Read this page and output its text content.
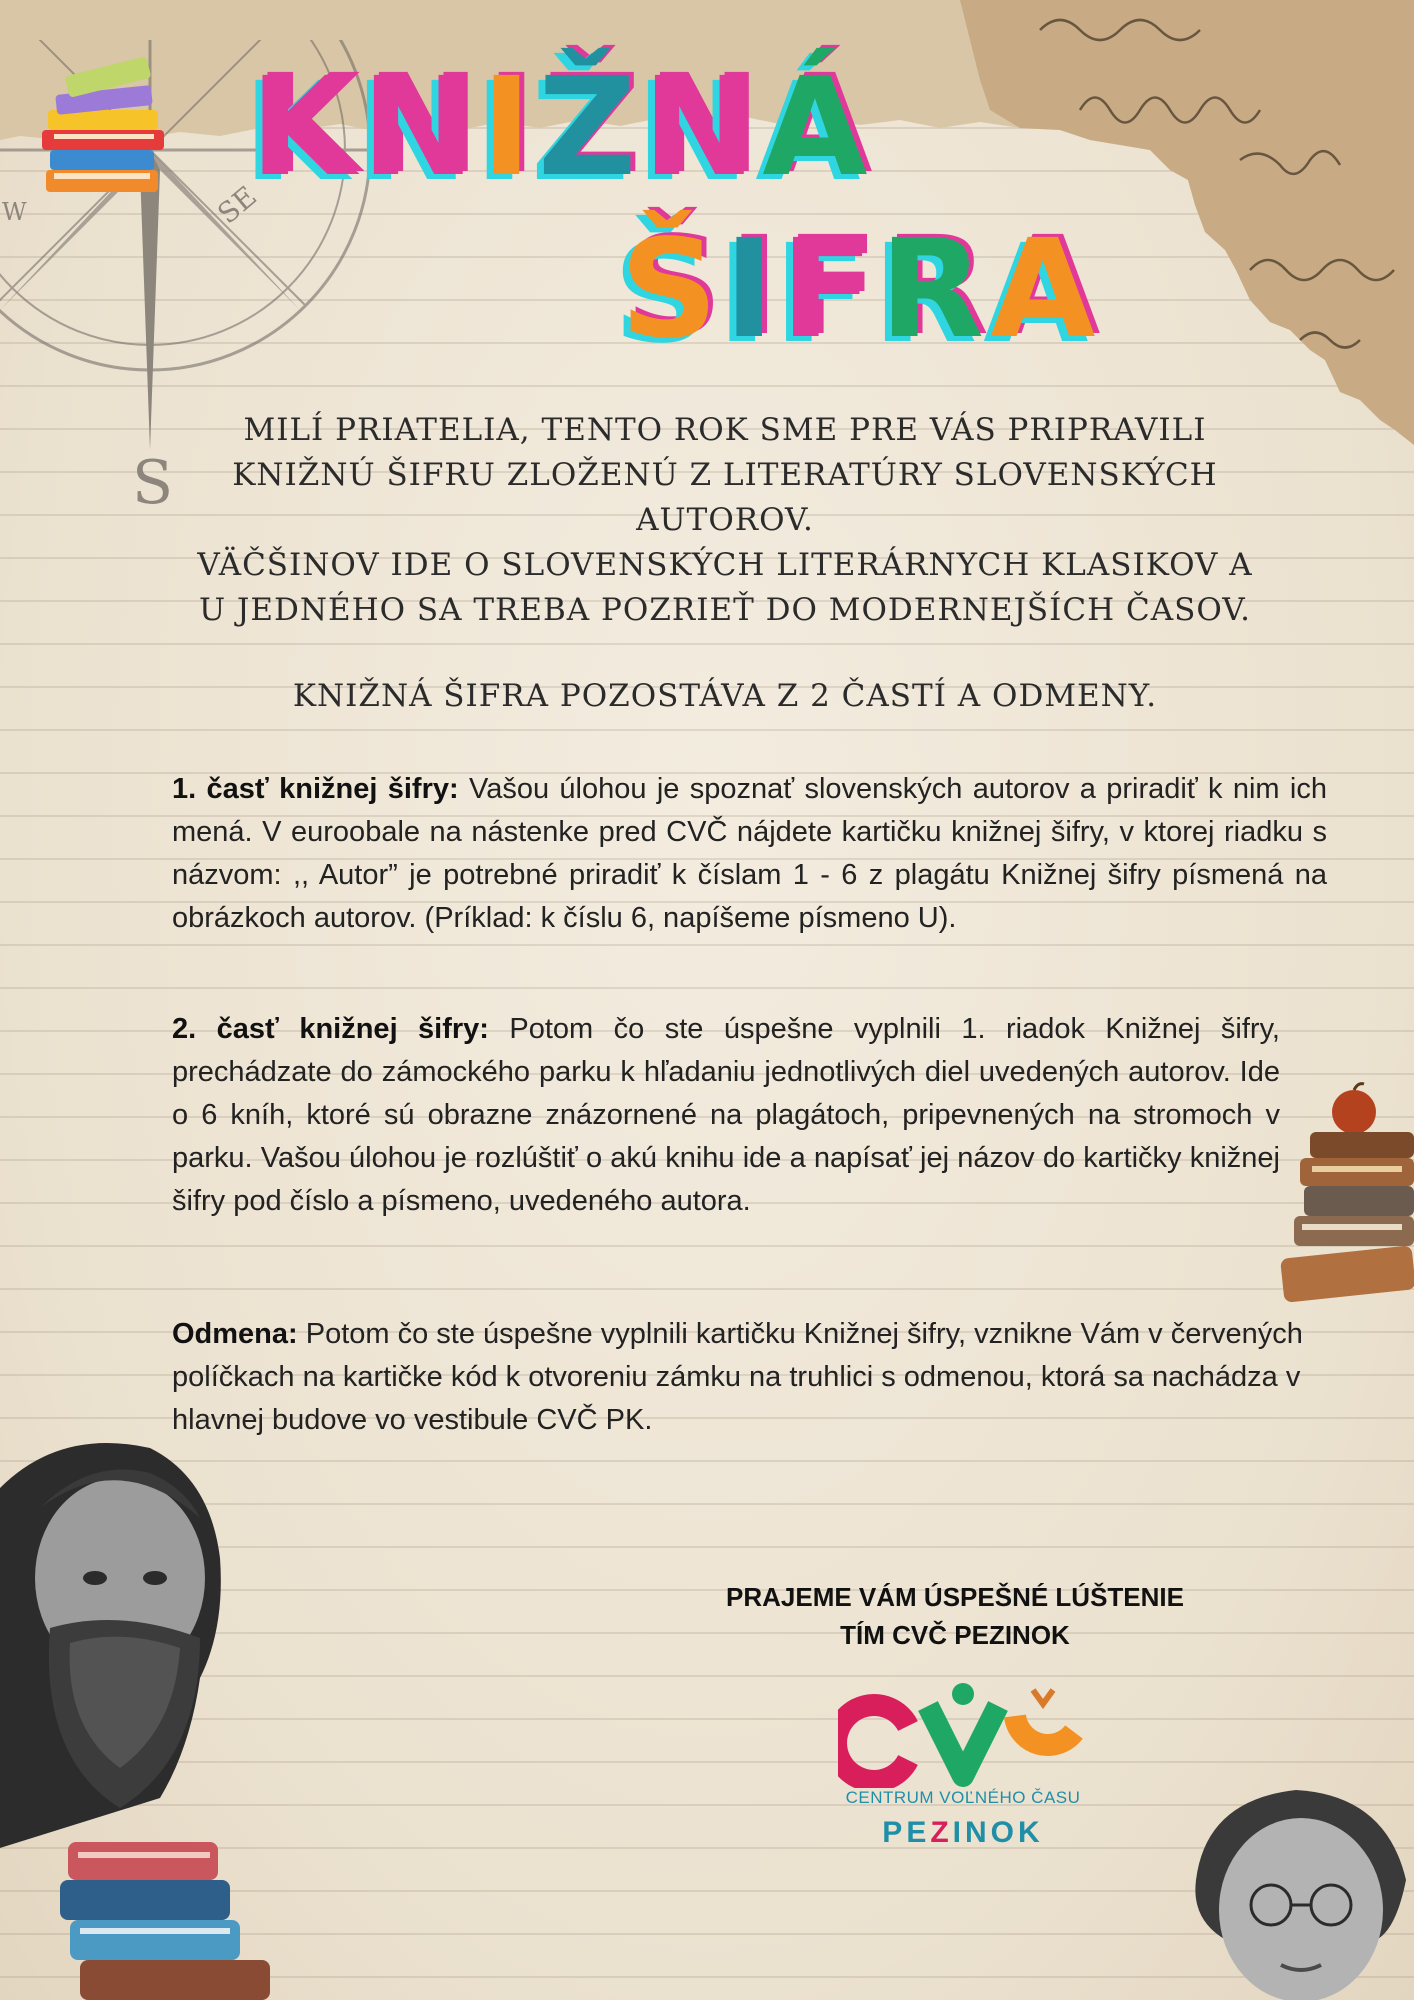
SE
W
S
KNIŽNÁ
ŠIFRA
MILÍ PRIATELIA, TENTO ROK SME PRE VÁS PRIPRAVILI
KNIŽNÚ ŠIFRU ZLOŽENÚ Z LITERATÚRY SLOVENSKÝCH
AUTOROV.
VÄČŠINOV IDE O SLOVENSKÝCH LITERÁRNYCH KLASIKOV A
U JEDNÉHO SA TREBA POZRIEŤ DO MODERNEJŠÍCH ČASOV.
KNIŽNÁ ŠIFRA POZOSTÁVA Z 2 ČASTÍ A ODMENY.

1. časť knižnej šifry: Vašou úlohou je spoznať slovenských autorov a priradiť k nim ich mená. V euroobale na nástenke pred CVČ nájdete kartičku knižnej šifry, v ktorej riadku s názvom: ,, Autor” je potrebné priradiť k číslam 1 - 6 z plagátu Knižnej šifry písmená na obrázkoch autorov. (Príklad: k číslu 6, napíšeme písmeno U).

2. časť knižnej šifry: Potom čo ste úspešne vyplnili 1. riadok Knižnej šifry, prechádzate do zámockého parku k hľadaniu jednotlivých diel uvedených autorov. Ide o 6 kníh, ktoré sú obrazne znázornené na plagátoch, pripevnených na stromoch v parku. Vašou úlohou je rozlúštiť o akú knihu ide a napísať jej názov do kartičky knižnej šifry pod číslo a písmeno, uvedeného autora.

Odmena: Potom čo ste úspešne vyplnili kartičku Knižnej šifry, vznikne Vám v červených políčkach na kartičke kód k otvoreniu zámku na truhlici s odmenou, ktorá sa nachádza v hlavnej budove vo vestibule CVČ PK.

PRAJEME VÁM ÚSPEŠNÉ LÚŠTENIE
TÍM CVČ PEZINOK
CENTRUM VOĽNÉHO ČASU
PEZINOK
